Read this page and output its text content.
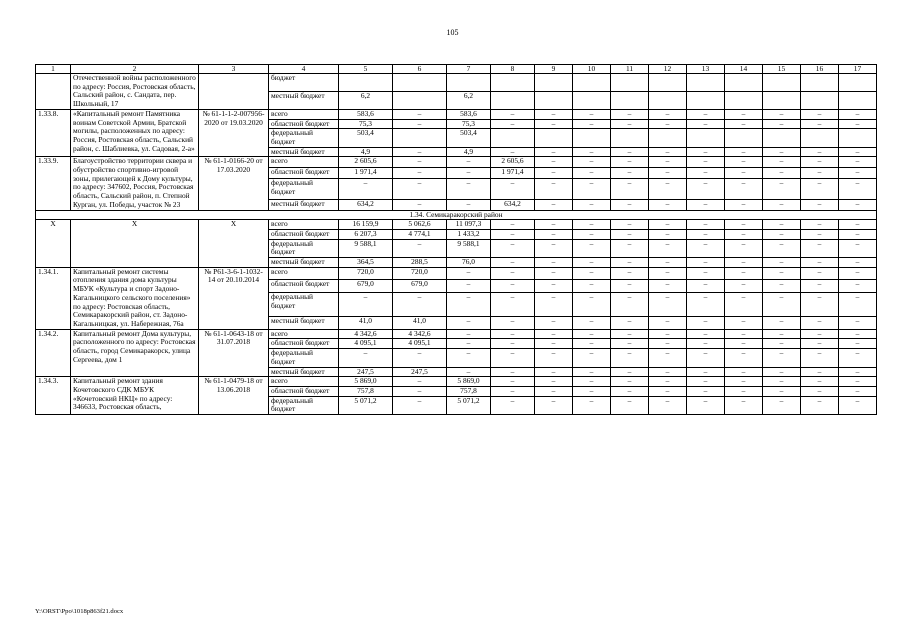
105
1	2	3	4	5	6	7	8	9	10	11	12	13	14	15	16	17
	Отечественной войны расположенного по адресу: Россия, Ростовская область, Сальский район, с. Сандата, пер. Школьный, 17		бюджет													
			местный бюджет	6,2		6,2										
1.33.8.	«Капитальный ремонт Памятника воинам Советской Армии, Братской могилы, расположенных по адресу: Россия, Ростовская область, Сальский район, с. Шаблиевка, ул. Садовая, 2-а»	№ 61-1-1-2-007956-2020 от 19.03.2020	всего	583,6	–	583,6	–	–	–	–	–	–	–	–	–	–
			областной бюджет	75,3	–	75,3	–	–	–	–	–	–	–	–	–	–
			федеральный бюджет	503,4		503,4										
			местный бюджет	4,9	–	4,9	–	–	–	–	–	–	–	–	–	–
1.33.9.	Благоустройство территории сквера и обустройство спортивно-игровой зоны, прилегающей к Дому культуры, по адресу: 347602, Россия, Ростовская область, Сальский район, п. Степной Курган, ул. Победы, участок № 23	№ 61-1-0166-20 от 17.03.2020	всего	2 605,6	–	–	2 605,6	–	–	–	–	–	–	–	–	–
			областной бюджет	1 971,4	–	–	1 971,4	–	–	–	–	–	–	–	–	–
			федеральный бюджет	–	–	–	–	–	–	–	–	–	–	–	–	–
			местный бюджет	634,2	–	–	634,2	–	–	–	–	–	–	–	–	–
1.34. Семикаракорский район																
Х	Х	Х	всего	16 159,9	5 062,6	11 097,3	–	–	–	–	–	–	–	–	–	–
			областной бюджет	6 207,3	4 774,1	1 433,2	–	–	–	–	–	–	–	–	–	–
			федеральный бюджет	9 588,1	–	9 588,1	–	–	–	–	–	–	–	–	–	–
			местный бюджет	364,5	288,5	76,0	–	–	–	–	–	–	–	–	–	–
1.34.1.	Капитальный ремонт системы отопления здания дома культуры МБУК «Культура и спорт Задоно-Кагальницкого сельского поселения» по адресу: Ростовская область, Семикаракорский район, ст. Задоно-Кагальницкая, ул. Набережная, 76а	№ Р61-3-6-1-1032-14 от 20.10.2014	всего	720,0	720,0	–	–	–	–	–	–	–	–	–	–	–
			областной бюджет	679,0	679,0	–	–	–	–	–	–	–	–	–	–	–
			федеральный бюджет	–	–	–	–	–	–	–	–	–	–	–	–	–
			местный бюджет	41,0	41,0	–	–	–	–	–	–	–	–	–	–	–
1.34.2.	Капитальный ремонт Дома культуры, расположенного по адресу: Ростовская область, город Семикаракорск, улица Сергеева, дом 1	№ 61-1-0643-18 от 31.07.2018	всего	4 342,6	4 342,6	–	–	–	–	–	–	–	–	–	–	–
			областной бюджет	4 095,1	4 095,1	–	–	–	–	–	–	–	–	–	–	–
			федеральный бюджет	–	–	–	–	–	–	–	–	–	–	–	–	–
			местный бюджет	247,5	247,5	–	–	–	–	–	–	–	–	–	–	–
1.34.3.	Капитальный ремонт здания Кочетовского СДК МБУК «Кочетовский НКЦ» по адресу: 346633, Ростовская область,	№ 61-1-0479-18 от 13.06.2018	всего	5 869,0	–	5 869,0	–	–	–	–	–	–	–	–	–	–
			областной бюджет	757,8	–	757,8	–	–	–	–	–	–	–	–	–	–
			федеральный бюджет	5 071,2	–	5 071,2	–	–	–	–	–	–	–	–	–	–
Y:\ORST\Ppo\1018p863f21.docx
